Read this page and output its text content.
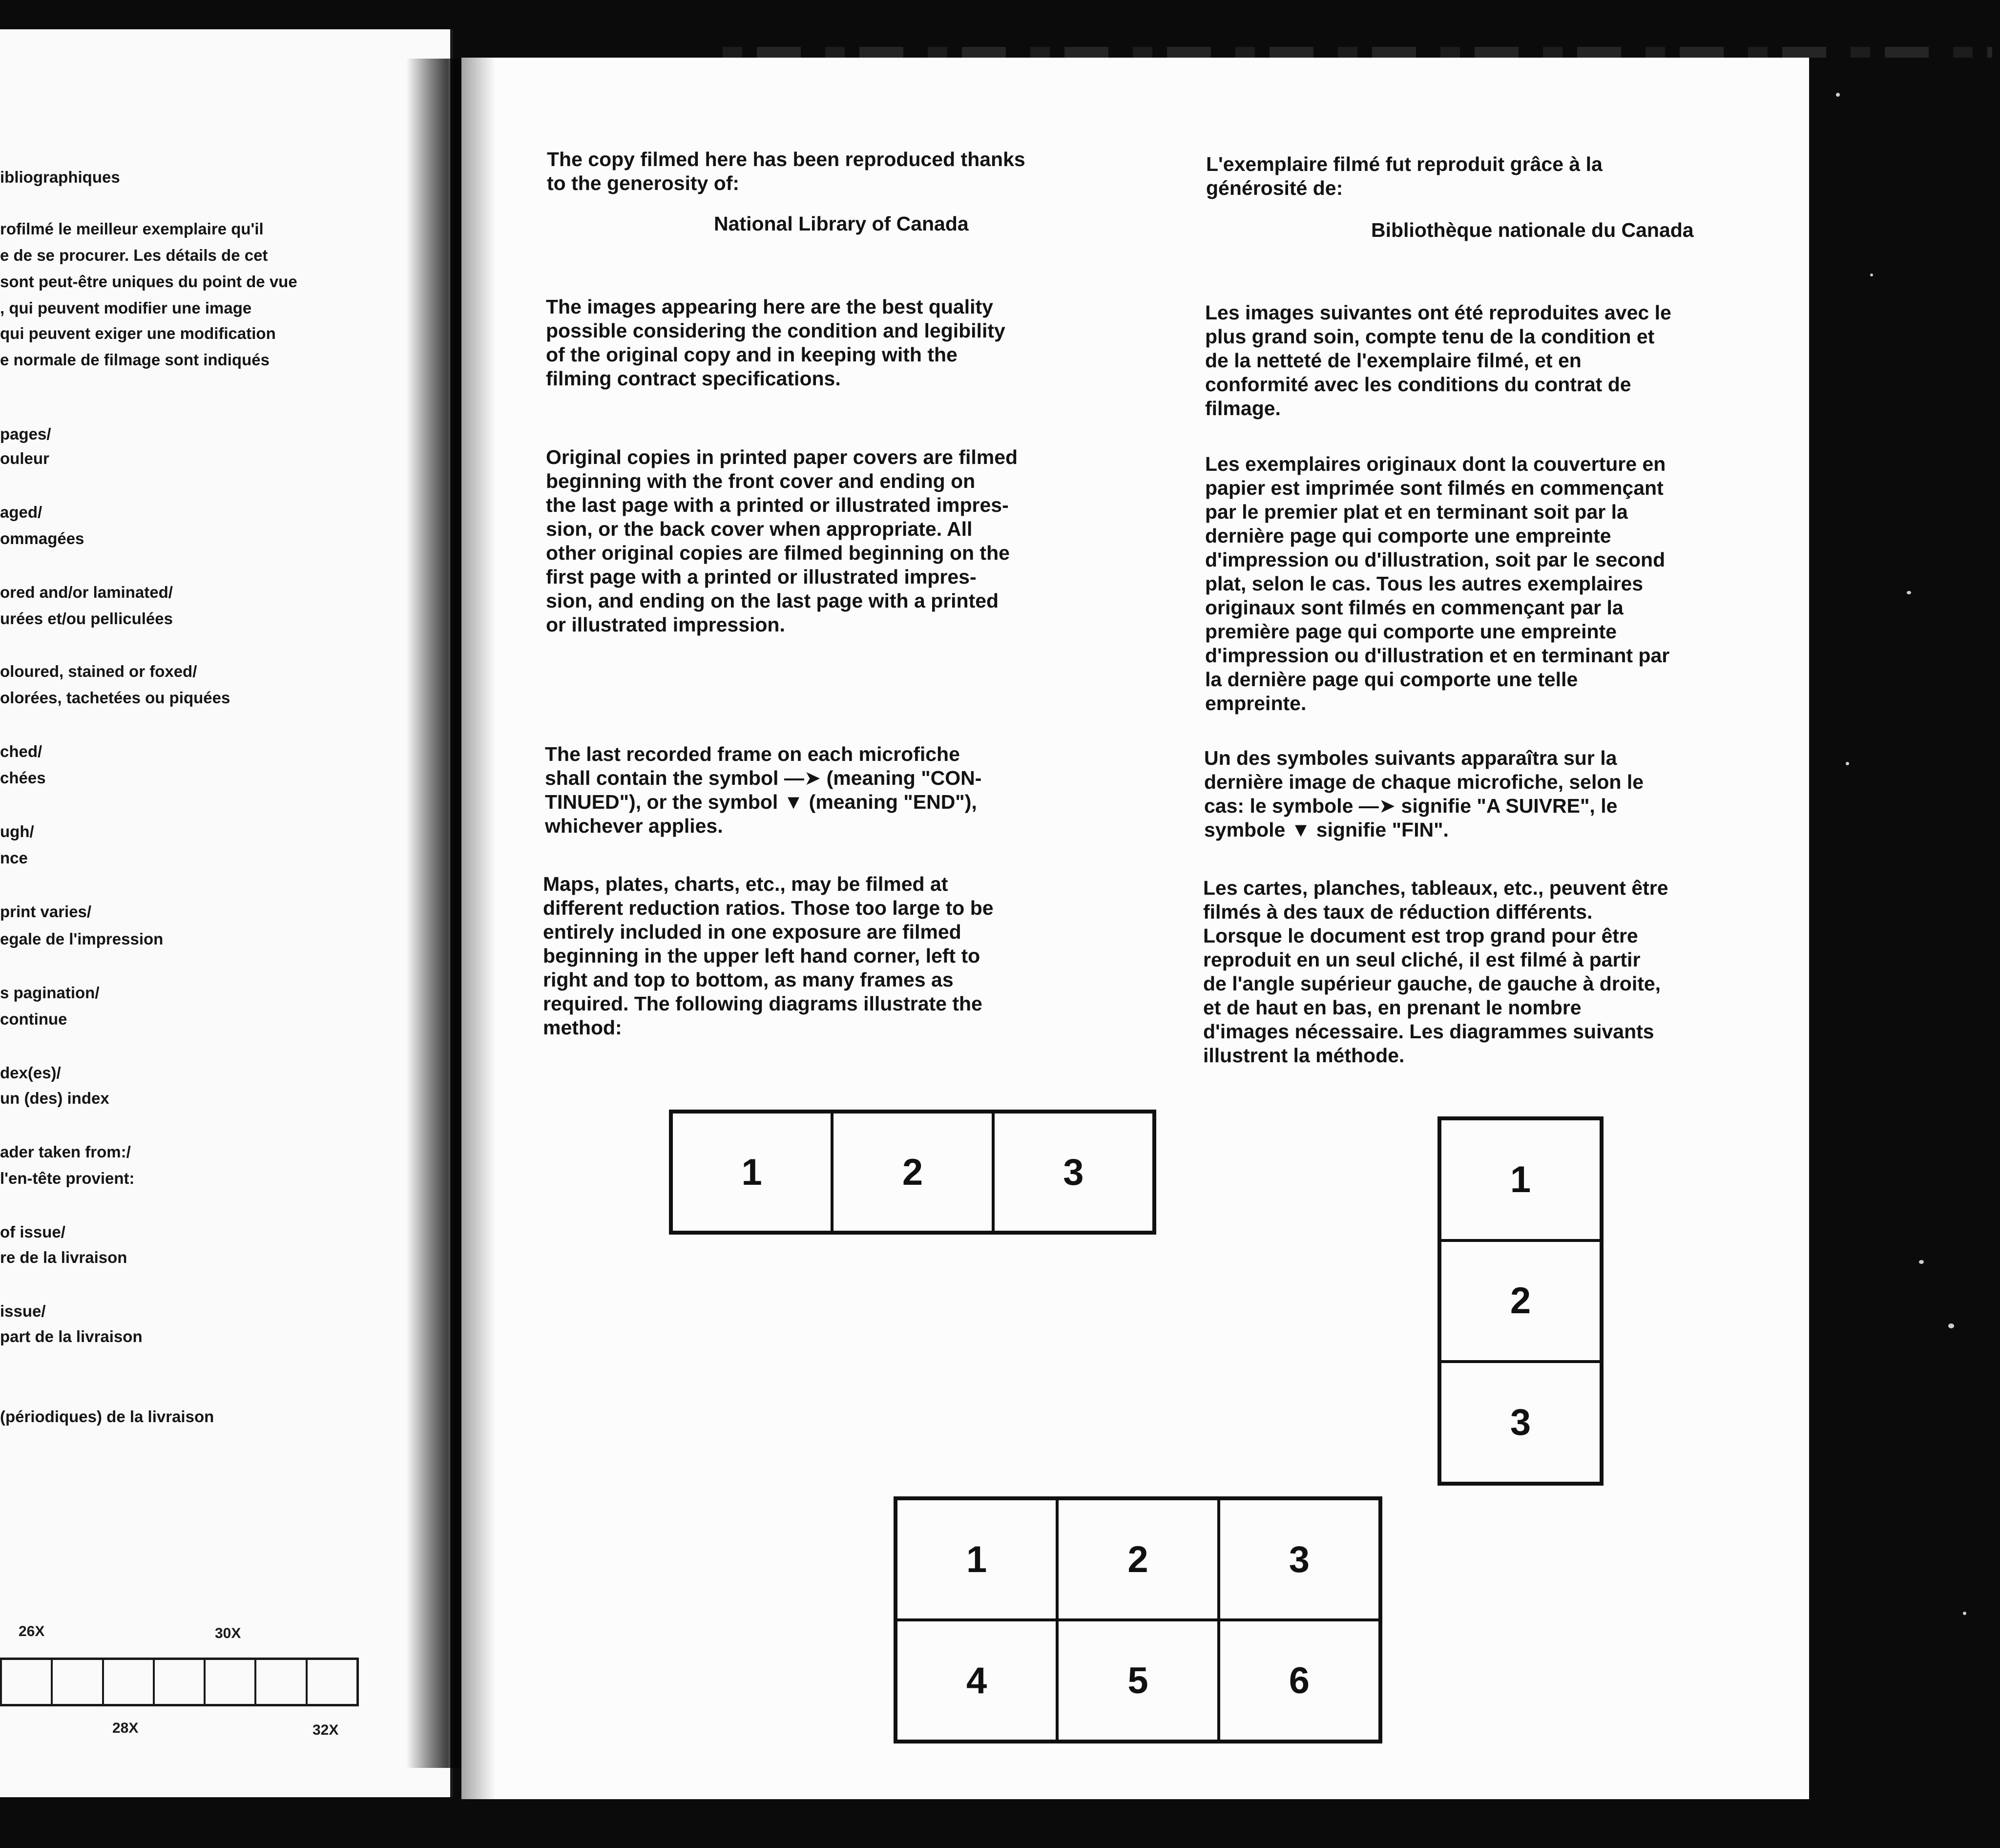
ibliographiques

rofilmé le meilleur exemplaire qu'il

e de se procurer. Les détails de cet

sont peut-être uniques du point de vue

, qui peuvent modifier une image

qui peuvent exiger une modification

e normale de filmage sont indiqués

pages/

ouleur

aged/

ommagées

ored and/or laminated/

urées et/ou pelliculées

oloured, stained or foxed/

olorées, tachetées ou piquées

ched/

chées

ugh/

nce

print varies/

egale de l'impression

s pagination/

continue

dex(es)/

un (des) index

ader taken from:/

l'en-tête provient:

of issue/

re de la livraison

issue/

part de la livraison

(périodiques) de la livraison

26X	30X
28X	32X

The copy filmed here has been reproduced thanks
to the generosity of:

National Library of Canada

The images appearing here are the best quality
possible considering the condition and legibility
of the original copy and in keeping with the
filming contract specifications.

Original copies in printed paper covers are filmed
beginning with the front cover and ending on
the last page with a printed or illustrated impres-
sion, or the back cover when appropriate. All
other original copies are filmed beginning on the
first page with a printed or illustrated impres-
sion, and ending on the last page with a printed
or illustrated impression.

The last recorded frame on each microfiche
shall contain the symbol —➤ (meaning "CON-
TINUED"), or the symbol ▼ (meaning "END"),
whichever applies.

Maps, plates, charts, etc., may be filmed at
different reduction ratios. Those too large to be
entirely included in one exposure are filmed
beginning in the upper left hand corner, left to
right and top to bottom, as many frames as
required. The following diagrams illustrate the
method:

L'exemplaire filmé fut reproduit grâce à la
générosité de:

Bibliothèque nationale du Canada

Les images suivantes ont été reproduites avec le
plus grand soin, compte tenu de la condition et
de la netteté de l'exemplaire filmé, et en
conformité avec les conditions du contrat de
filmage.

Les exemplaires originaux dont la couverture en
papier est imprimée sont filmés en commençant
par le premier plat et en terminant soit par la
dernière page qui comporte une empreinte
d'impression ou d'illustration, soit par le second
plat, selon le cas. Tous les autres exemplaires
originaux sont filmés en commençant par la
première page qui comporte une empreinte
d'impression ou d'illustration et en terminant par
la dernière page qui comporte une telle
empreinte.

Un des symboles suivants apparaîtra sur la
dernière image de chaque microfiche, selon le
cas: le symbole —➤ signifie "A SUIVRE", le
symbole ▼ signifie "FIN".

Les cartes, planches, tableaux, etc., peuvent être
filmés à des taux de réduction différents.
Lorsque le document est trop grand pour être
reproduit en un seul cliché, il est filmé à partir
de l'angle supérieur gauche, de gauche à droite,
et de haut en bas, en prenant le nombre
d'images nécessaire. Les diagrammes suivants
illustrent la méthode.

1	2	3	1
2
3
1	2	3
4	5	6
